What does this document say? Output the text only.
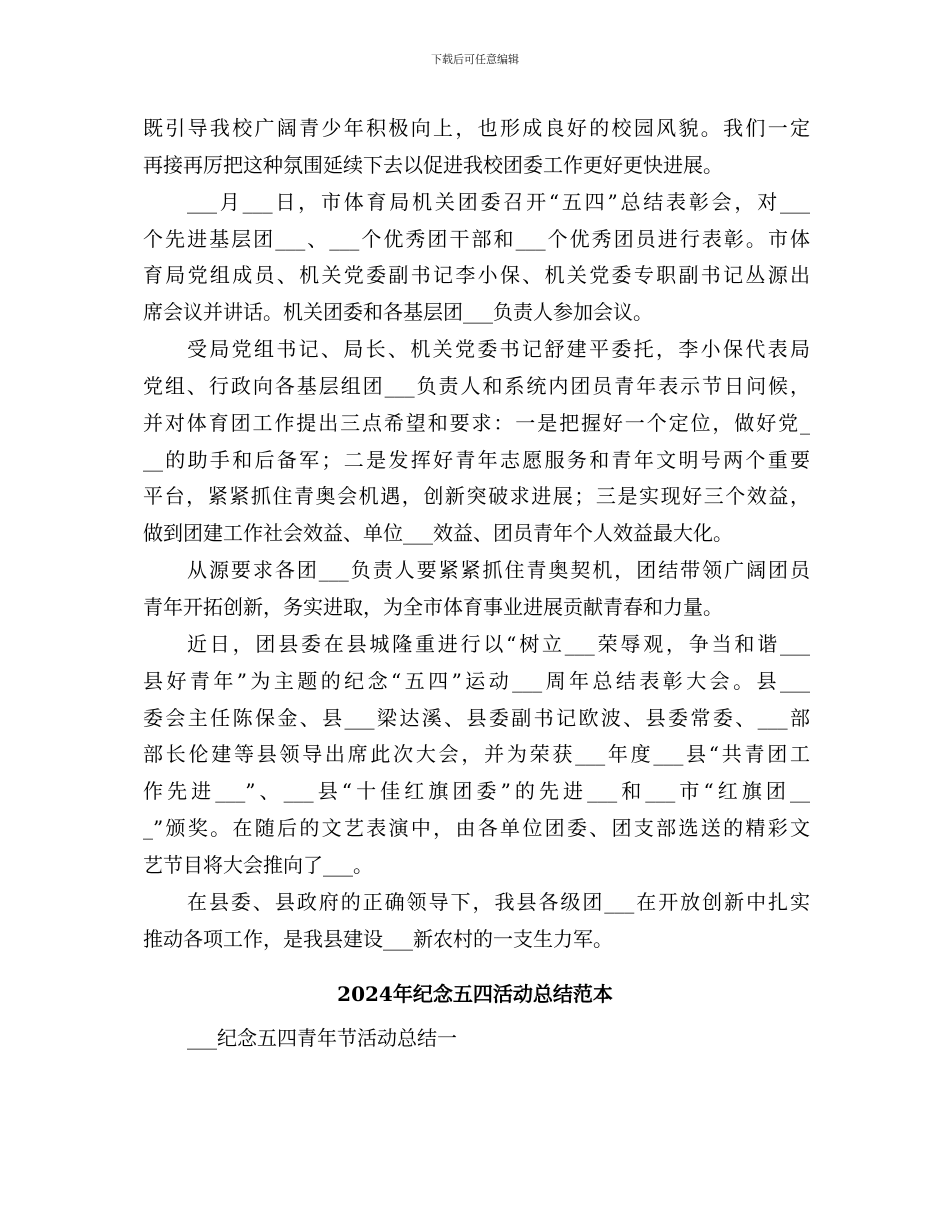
下载后可任意编辑
既引导我校广阔青少年积极向上，也形成良好的校园风貌。我们一定
再接再厉把这种氛围延续下去以促进我校团委工作更好更快进展。
___月___日，市体育局机关团委召开“五四”总结表彰会，对___
个先进基层团___、___个优秀团干部和___个优秀团员进行表彰。市体
育局党组成员、机关党委副书记李小保、机关党委专职副书记丛源出
席会议并讲话。机关团委和各基层团___负责人参加会议。
受局党组书记、局长、机关党委书记舒建平委托，李小保代表局
党组、行政向各基层组团___负责人和系统内团员青年表示节日问候，
并对体育团工作提出三点希望和要求：一是把握好一个定位，做好党_
__的助手和后备军；二是发挥好青年志愿服务和青年文明号两个重要
平台，紧紧抓住青奥会机遇，创新突破求进展；三是实现好三个效益，
做到团建工作社会效益、单位___效益、团员青年个人效益最大化。
从源要求各团___负责人要紧紧抓住青奥契机，团结带领广阔团员
青年开拓创新，务实进取，为全市体育事业进展贡献青春和力量。
近日，团县委在县城隆重进行以“树立___荣辱观，争当和谐___
县好青年”为主题的纪念“五四”运动___周年总结表彰大会。县___
委会主任陈保金、县___梁达溪、县委副书记欧波、县委常委、___部
部长伦建等县领导出席此次大会，并为荣获___年度___县“共青团工
作先进___”、___县“十佳红旗团委”的先进___和___市“红旗团__
_”颁奖。在随后的文艺表演中，由各单位团委、团支部选送的精彩文
艺节目将大会推向了___。
在县委、县政府的正确领导下，我县各级团___在开放创新中扎实
推动各项工作，是我县建设___新农村的一支生力军。
2024年纪念五四活动总结范本
___纪念五四青年节活动总结一
